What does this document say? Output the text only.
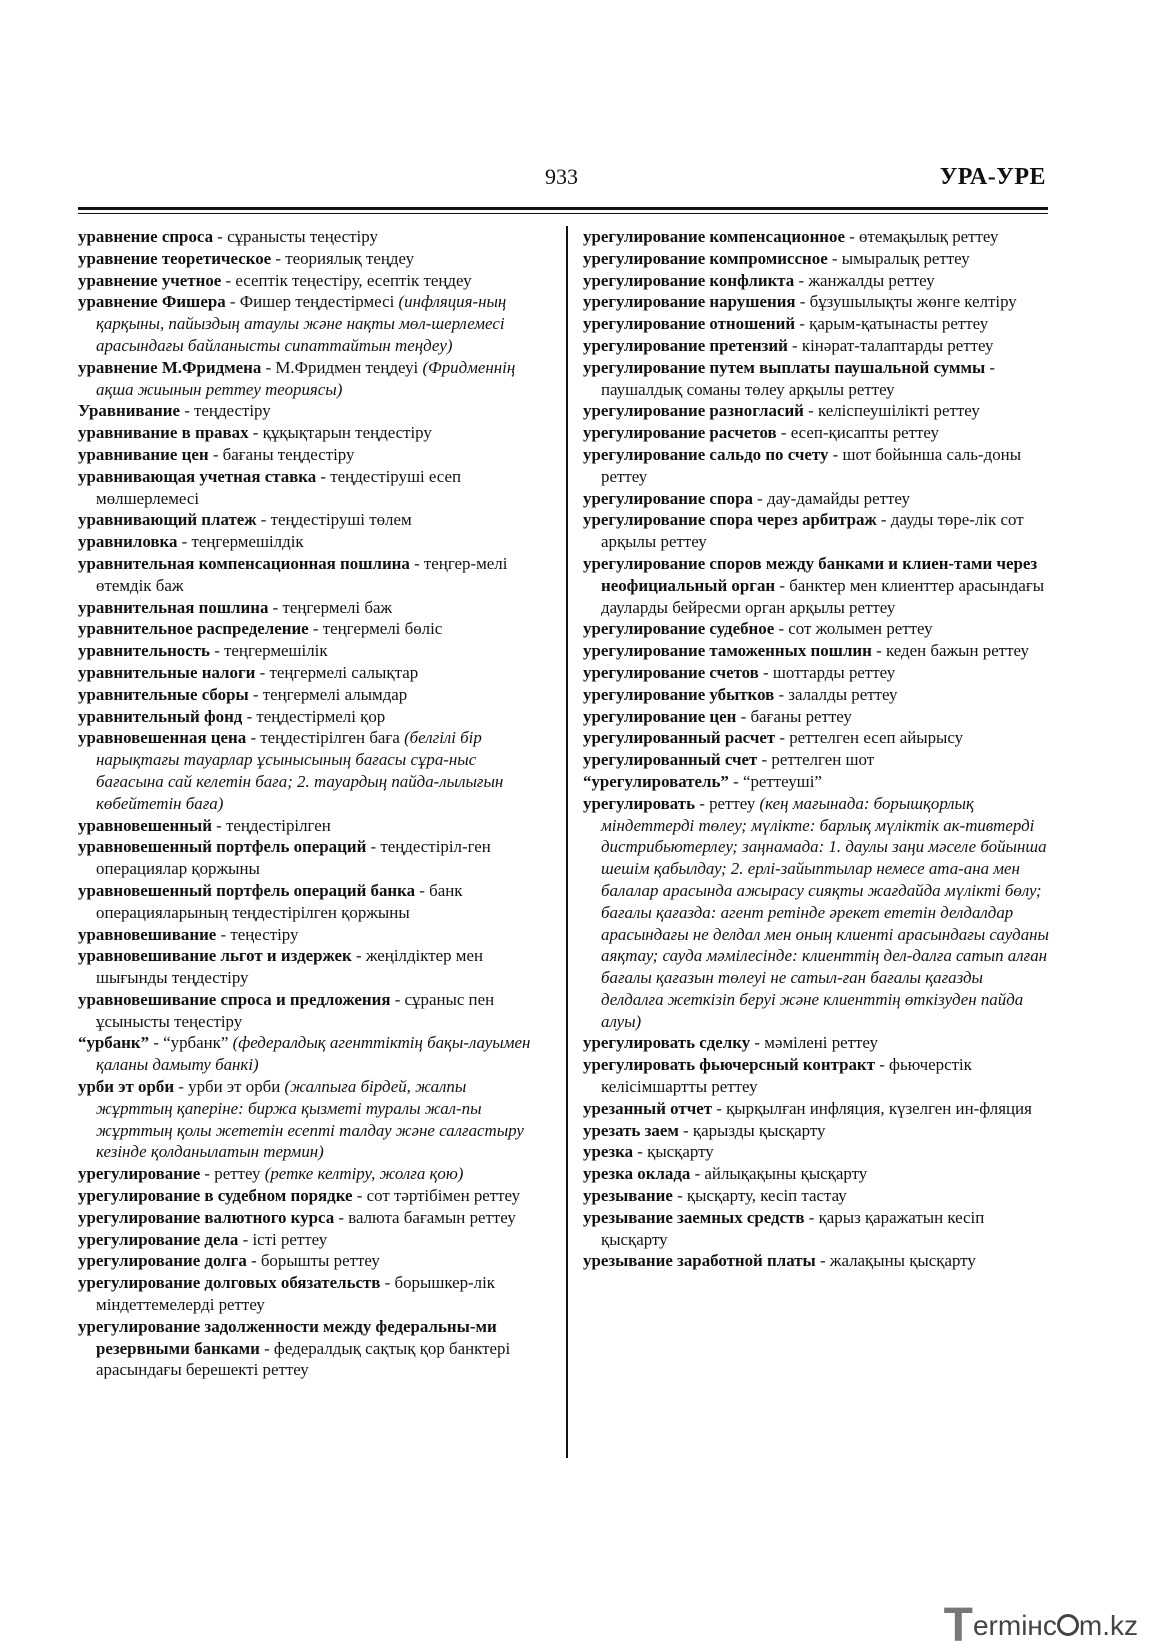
933	УРА-УРЕ

уравнение спроса - сұранысты теңестіру

уравнение теоретическое - теориялық теңдеу

уравнение учетное - есептік теңестіру, есептік теңдеу

уравнение Фишера - Фишер теңдестірмесі (инфляция-ның қарқыны, пайыздың атаулы және нақты мөл-шерлемесі арасындағы байланысты сипаттайтын теңдеу)

уравнение М.Фридмена - М.Фридмен теңдеуі (Фридменнің ақша жиынын реттеу теориясы)

Уравнивание - теңдестіру

уравнивание в правах - құқықтарын теңдестіру

уравнивание цен - бағаны теңдестіру

уравнивающая учетная ставка - теңдестіруші есеп мөлшерлемесі

уравнивающий платеж - теңдестіруші төлем

уравниловка - теңгермешілдік

уравнительная компенсационная пошлина - теңгер-мелі өтемдік баж

уравнительная пошлина - теңгермелі баж

уравнительное распределение - теңгермелі бөліс

уравнительность - теңгермешілік

уравнительные налоги - теңгермелі салықтар

уравнительные сборы - теңгермелі алымдар

уравнительный фонд - теңдестірмелі қор

уравновешенная цена - теңдестірілген баға (белгілі бір нарықтағы тауарлар ұсынысының бағасы сұра-ныс бағасына сай келетін баға; 2. тауардың пайда-лылығын көбейтетін баға)

уравновешенный - теңдестірілген

уравновешенный портфель операций - теңдестіріл-ген операциялар қоржыны

уравновешенный портфель операций банка - банк операцияларының теңдестірілген қоржыны

уравновешивание - теңестіру

уравновешивание льгот и издержек - жеңілдіктер мен шығынды теңдестіру

уравновешивание спроса и предложения - сұраныс пен ұсынысты теңестіру

“урбанк” - “урбанк” (федералдық агенттіктің бақы-лауымен қаланы дамыту банкі)

урби эт орби - урби эт орби (жалпыға бірдей, жалпы жұрттың қаперіне: биржа қызметі туралы жал-пы жұрттың қолы жететін есепті талдау және салғастыру кезінде қолданылатын термин)

урегулирование - реттеу (ретке келтіру, жолға қою)

урегулирование в судебном порядке - сот тәртібімен реттеу

урегулирование валютного курса - валюта бағамын реттеу

урегулирование дела - істі реттеу

урегулирование долга - борышты реттеу

урегулирование долговых обязательств - борышкер-лік міндеттемелерді реттеу

урегулирование задолженности между федеральны-ми резервными банками - федералдық сақтық қор банктері арасындағы берешекті реттеу

урегулирование компенсационное - өтемақылық реттеу

урегулирование компромиссное - ымыралық реттеу

урегулирование конфликта - жанжалды реттеу

урегулирование нарушения - бұзушылықты жөнге келтіру

урегулирование отношений - қарым-қатынасты реттеу

урегулирование претензий - кінәрат-талаптарды реттеу

урегулирование путем выплаты паушальной суммы - паушалдық соманы төлеу арқылы реттеу

урегулирование разногласий - келіспеушілікті реттеу

урегулирование расчетов - есеп-қисапты реттеу

урегулирование сальдо по счету - шот бойынша саль-доны реттеу

урегулирование спора - дау-дамайды реттеу

урегулирование спора через арбитраж - дауды төре-лік сот арқылы реттеу

урегулирование споров между банками и клиен-тами через неофициальный орган - банктер мен клиенттер арасындағы дауларды бейресми орган арқылы реттеу

урегулирование судебное - сот жолымен реттеу

урегулирование таможенных пошлин - кеден бажын реттеу

урегулирование счетов - шоттарды реттеу

урегулирование убытков - залалды реттеу

урегулирование цен - бағаны реттеу

урегулированный расчет - реттелген есеп айырысу

урегулированный счет - реттелген шот

“урегулирователь” - “реттеуші”

урегулировать - реттеу (кең мағынада: борышқорлық міндеттерді төлеу; мүлікте: барлық мүліктік ак-тивтерді дистрибьютерлеу; заңнамада: 1. даулы заңи мәселе бойынша шешім қабылдау; 2. ерлі-зайыптылар немесе ата-ана мен балалар арасында ажырасу сияқты жағдайда мүлікті бөлу; бағалы қағазда: агент ретінде әрекет ететін делдалдар арасындағы не делдал мен оның клиенті арасындағы сауданы аяқтау; сауда мәмілесінде: клиенттің дел-далға сатып алған бағалы қағазын төлеуі не сатыл-ған бағалы қағазды делдалға жеткізіп беруі және клиенттің өткізуден пайда алуы)

урегулировать сделку - мәмілені реттеу

урегулировать фьючерсный контракт - фьючерстік келісімшартты реттеу

урезанный отчет - қырқылған инфляция, күзелген ин-фляция

урезать заем - қарызды қысқарту

урезка - қысқарту

урезка оклада - айлықақыны қысқарту

урезывание - қысқарту, кесіп тастау

урезывание заемных средств - қарыз қаражатын кесіп қысқарту

урезывание заработной платы - жалақыны қысқарту

Termінc m.kz
